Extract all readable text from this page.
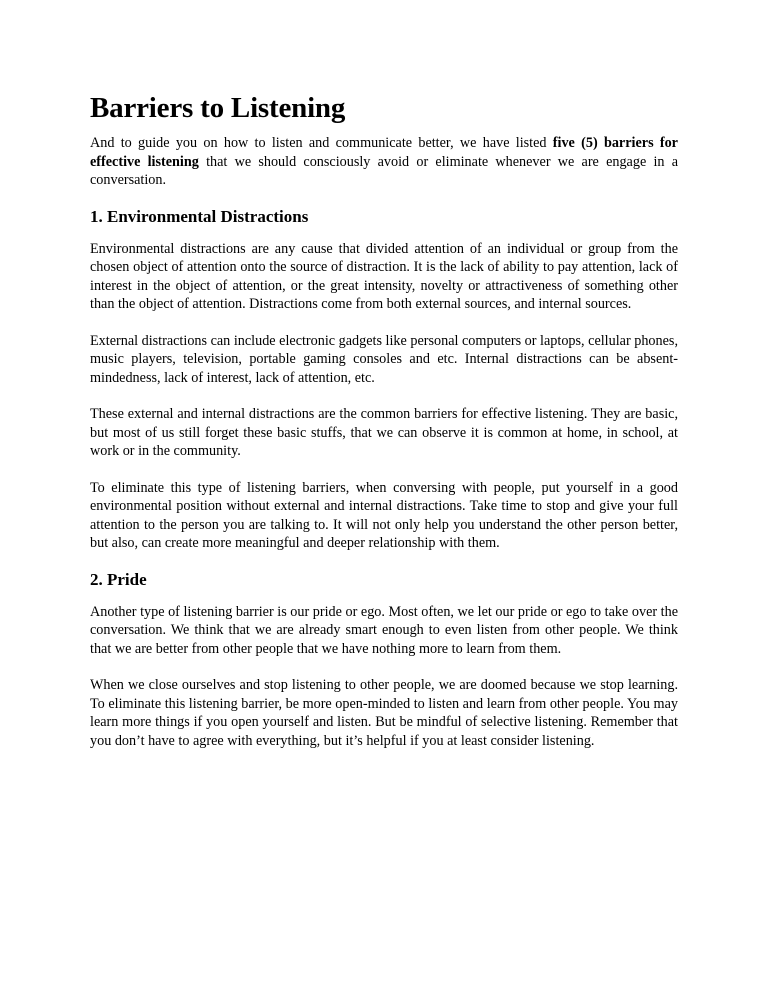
Barriers to Listening

And to guide you on how to listen and communicate better, we have listed five (5) barriers for effective listening that we should consciously avoid or eliminate whenever we are engage in a conversation.

1. Environmental Distractions

Environmental distractions are any cause that divided attention of an individual or group from the chosen object of attention onto the source of distraction. It is the lack of ability to pay attention, lack of interest in the object of attention, or the great intensity, novelty or attractiveness of something other than the object of attention. Distractions come from both external sources, and internal sources.

External distractions can include electronic gadgets like personal computers or laptops, cellular phones, music players, television, portable gaming consoles and etc. Internal distractions can be absent-mindedness, lack of interest, lack of attention, etc.

These external and internal distractions are the common barriers for effective listening. They are basic, but most of us still forget these basic stuffs, that we can observe it is common at home, in school, at work or in the community.

To eliminate this type of listening barriers, when conversing with people, put yourself in a good environmental position without external and internal distractions. Take time to stop and give your full attention to the person you are talking to. It will not only help you understand the other person better, but also, can create more meaningful and deeper relationship with them.

2. Pride

Another type of listening barrier is our pride or ego. Most often, we let our pride or ego to take over the conversation. We think that we are already smart enough to even listen from other people. We think that we are better from other people that we have nothing more to learn from them.

When we close ourselves and stop listening to other people, we are doomed because we stop learning. To eliminate this listening barrier, be more open-minded to listen and learn from other people. You may learn more things if you open yourself and listen. But be mindful of selective listening. Remember that you don’t have to agree with everything, but it’s helpful if you at least consider listening.
